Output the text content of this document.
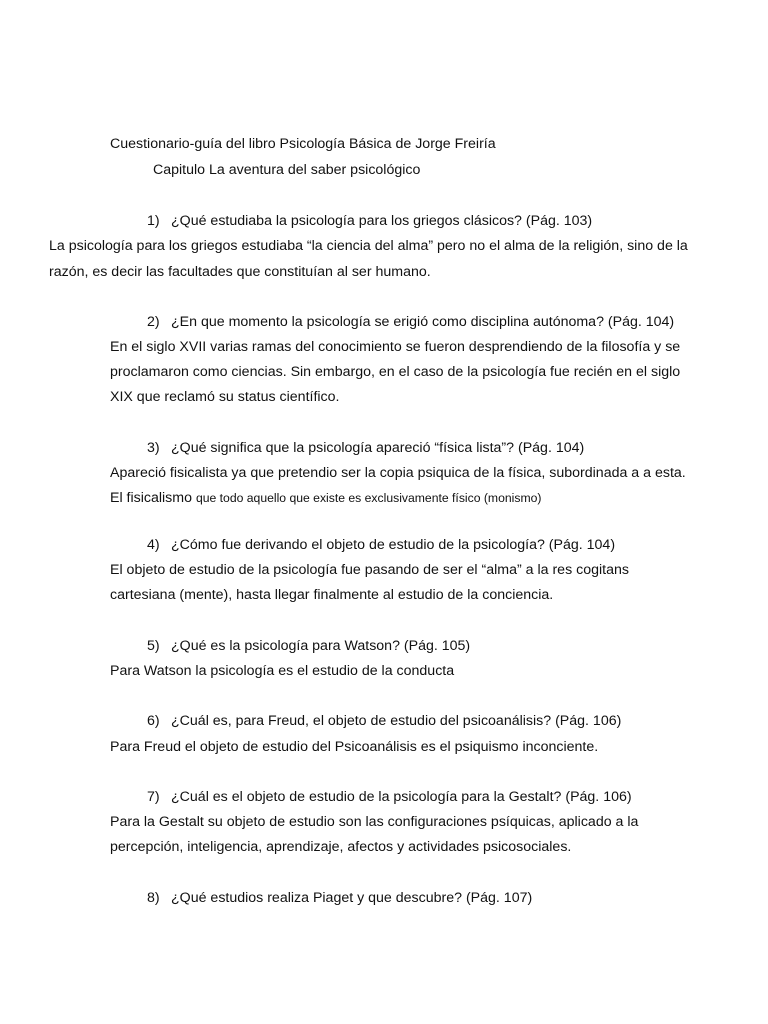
Cuestionario-guía del libro Psicología Básica de Jorge Freiría
Capitulo La aventura del saber psicológico
1) ¿Qué estudiaba la psicología para los griegos clásicos? (Pág. 103)
La psicología para los griegos estudiaba “la ciencia del alma” pero no el alma de la religión, sino de la
razón, es decir las facultades que constituían al ser humano.
2) ¿En que momento la psicología se erigió como disciplina autónoma? (Pág. 104)
En el siglo XVII varias ramas del conocimiento se fueron desprendiendo de la filosofía y se
proclamaron como ciencias. Sin embargo, en el caso de la psicología fue recién en el siglo
XIX que reclamó su status científico.
3) ¿Qué significa que la psicología apareció “física lista”? (Pág. 104)
Apareció fisicalista ya que pretendio ser la copia psiquica de la física, subordinada a a esta.
El fisicalismo que todo aquello que existe es exclusivamente físico (monismo)
4) ¿Cómo fue derivando el objeto de estudio de la psicología? (Pág. 104)
El objeto de estudio de la psicología fue pasando de ser el “alma” a la res cogitans
cartesiana (mente), hasta llegar finalmente al estudio de la conciencia.
5) ¿Qué es la psicología para Watson? (Pág. 105)
Para Watson la psicología es el estudio de la conducta
6) ¿Cuál es, para Freud, el objeto de estudio del psicoanálisis? (Pág. 106)
Para Freud el objeto de estudio del Psicoanálisis es el psiquismo inconciente.
7) ¿Cuál es el objeto de estudio de la psicología para la Gestalt? (Pág. 106)
Para la Gestalt su objeto de estudio son las configuraciones psíquicas, aplicado a la
percepción, inteligencia, aprendizaje, afectos y actividades psicosociales.
8) ¿Qué estudios realiza Piaget y que descubre? (Pág. 107)
